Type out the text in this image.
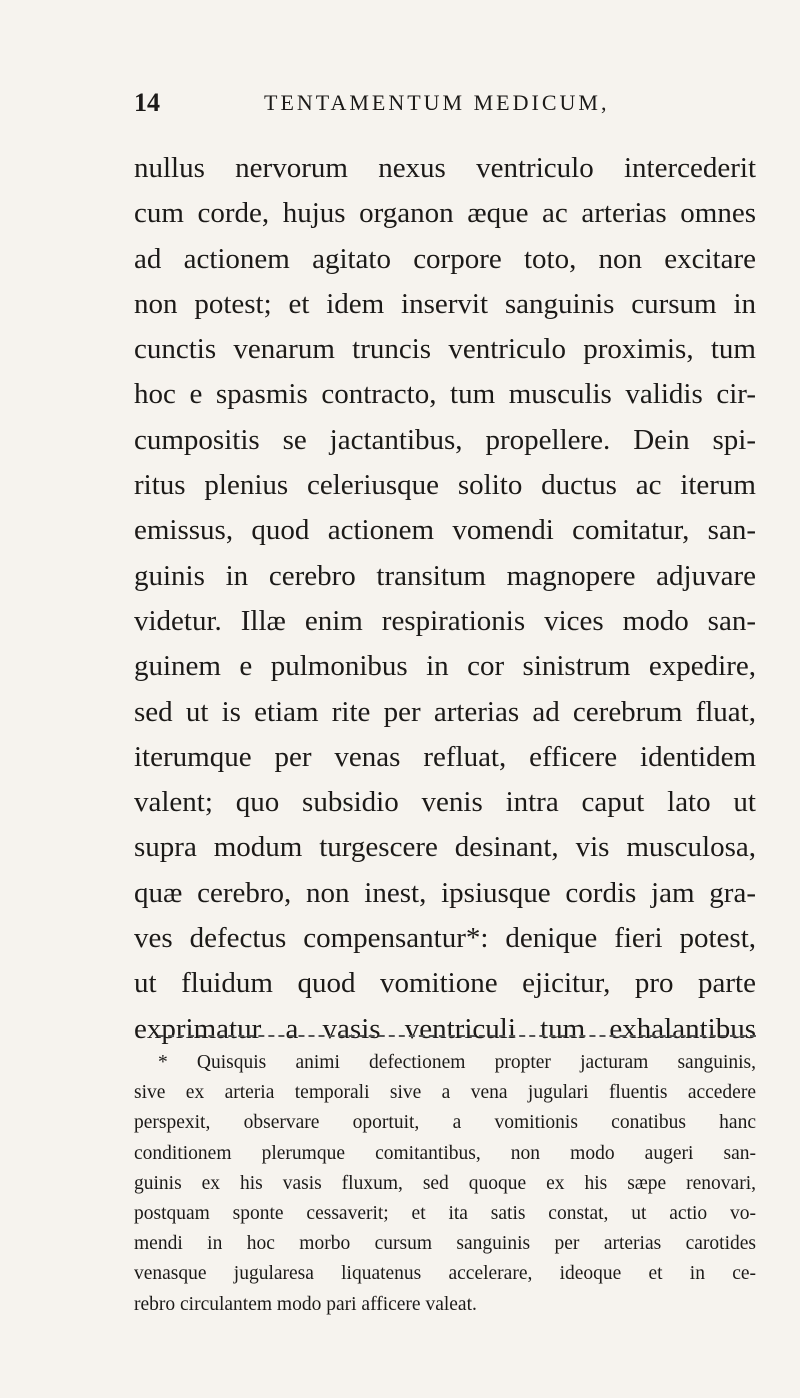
14	TENTAMENTUM MEDICUM,
nullus nervorum nexus ventriculo intercederit
cum corde, hujus organon æque ac arterias omnes
ad actionem agitato corpore toto, non excitare
non potest; et idem inservit sanguinis cursum in
cunctis venarum truncis ventriculo proximis, tum
hoc e spasmis contracto, tum musculis validis cir-
cumpositis se jactantibus, propellere. Dein spi-
ritus plenius celeriusque solito ductus ac iterum
emissus, quod actionem vomendi comitatur, san-
guinis in cerebro transitum magnopere adjuvare
videtur. Illæ enim respirationis vices modo san-
guinem e pulmonibus in cor sinistrum expedire,
sed ut is etiam rite per arterias ad cerebrum fluat,
iterumque per venas refluat, efficere identidem
valent; quo subsidio venis intra caput lato ut
supra modum turgescere desinant, vis musculosa,
quæ cerebro, non inest, ipsiusque cordis jam gra-
ves defectus compensantur*: denique fieri potest,
ut fluidum quod vomitione ejicitur, pro parte
exprimatur a vasis ventriculi tum exhalantibus
* Quisquis animi defectionem propter jacturam sanguinis,
sive ex arteria temporali sive a vena jugulari fluentis accedere
perspexit, observare oportuit, a vomitionis conatibus hanc
conditionem plerumque comitantibus, non modo augeri san-
guinis ex his vasis fluxum, sed quoque ex his sæpe renovari,
postquam sponte cessaverit; et ita satis constat, ut actio vo-
mendi in hoc morbo cursum sanguinis per arterias carotides
venasque jugularesa liquatenus accelerare, ideoque et in ce-
rebro circulantem modo pari afficere valeat.
